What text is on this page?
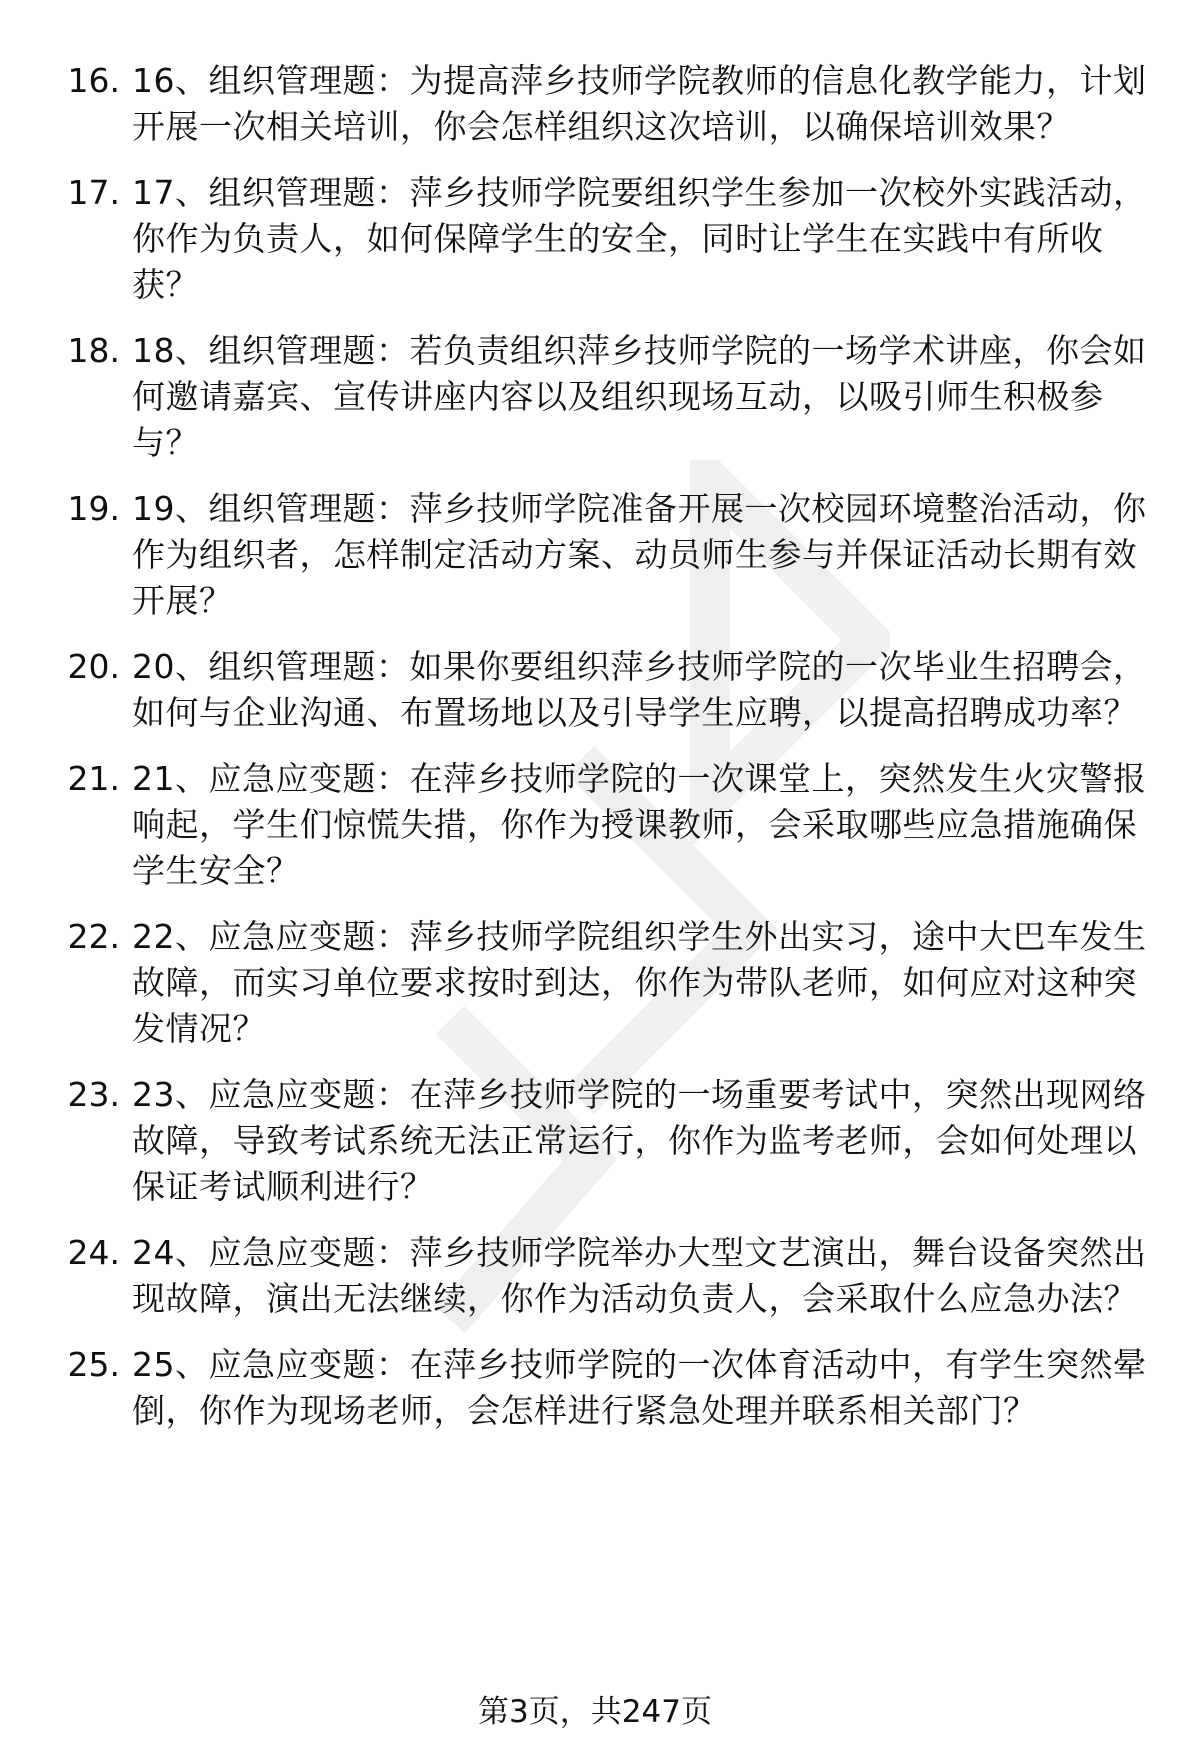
16. 16、组织管理题：为提高萍乡技师学院教师的信息化教学能力，计划开展一次相关培训，你会怎样组织这次培训，以确保培训效果？
17. 17、组织管理题：萍乡技师学院要组织学生参加一次校外实践活动，你作为负责人，如何保障学生的安全，同时让学生在实践中有所收获？
18. 18、组织管理题：若负责组织萍乡技师学院的一场学术讲座，你会如何邀请嘉宾、宣传讲座内容以及组织现场互动，以吸引师生积极参与？
19. 19、组织管理题：萍乡技师学院准备开展一次校园环境整治活动，你作为组织者，怎样制定活动方案、动员师生参与并保证活动长期有效开展？
20. 20、组织管理题：如果你要组织萍乡技师学院的一次毕业生招聘会，如何与企业沟通、布置场地以及引导学生应聘，以提高招聘成功率？
21. 21、应急应变题：在萍乡技师学院的一次课堂上，突然发生火灾警报响起，学生们惊慌失措，你作为授课教师，会采取哪些应急措施确保学生安全？
22. 22、应急应变题：萍乡技师学院组织学生外出实习，途中大巴车发生故障，而实习单位要求按时到达，你作为带队老师，如何应对这种突发情况？
23. 23、应急应变题：在萍乡技师学院的一场重要考试中，突然出现网络故障，导致考试系统无法正常运行，你作为监考老师，会如何处理以保证考试顺利进行？
24. 24、应急应变题：萍乡技师学院举办大型文艺演出，舞台设备突然出现故障，演出无法继续，你作为活动负责人，会采取什么应急办法？
25. 25、应急应变题：在萍乡技师学院的一次体育活动中，有学生突然晕倒，你作为现场老师，会怎样进行紧急处理并联系相关部门？
第3页，共247页
